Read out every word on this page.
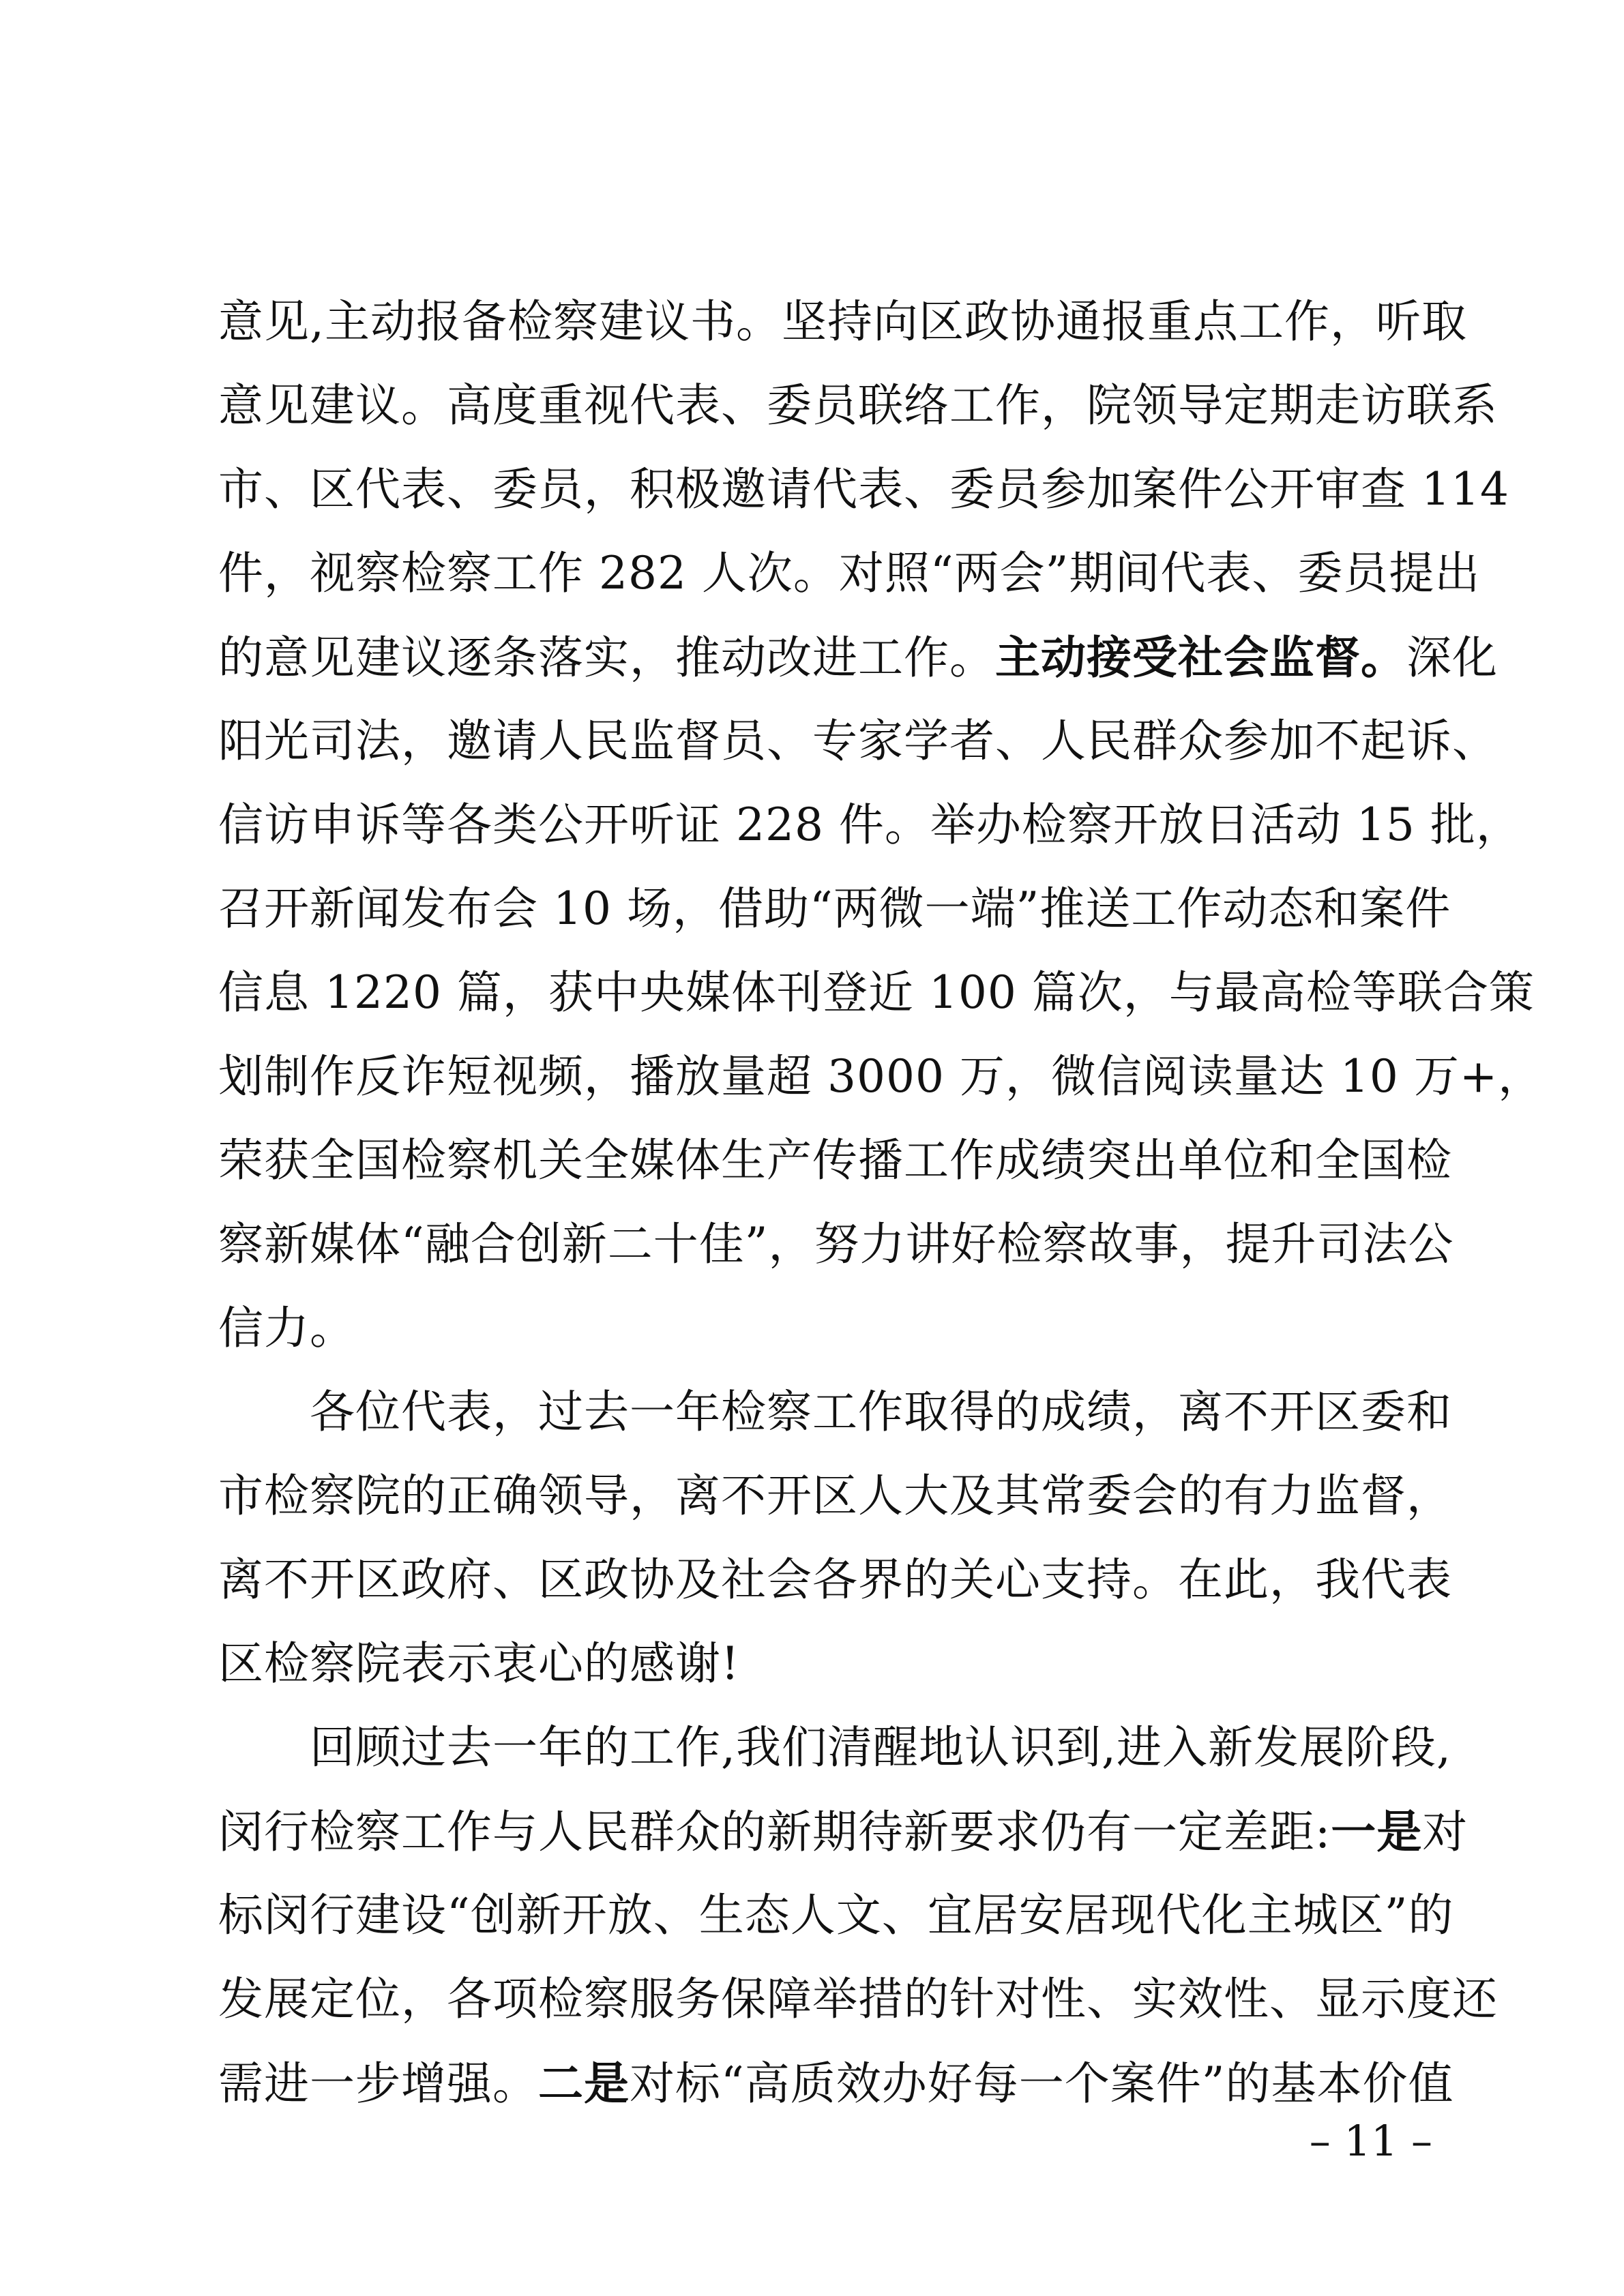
意见,主动报备检察建议书。坚持向区政协通报重点工作，听取
意见建议。高度重视代表、委员联络工作，院领导定期走访联系
市、区代表、委员，积极邀请代表、委员参加案件公开审查 114
件，视察检察工作 282 人次。对照“两会”期间代表、委员提出
的意见建议逐条落实，推动改进工作。主动接受社会监督。深化
阳光司法，邀请人民监督员、专家学者、人民群众参加不起诉、
信访申诉等各类公开听证 228 件。举办检察开放日活动 15 批，
召开新闻发布会 10 场，借助“两微一端”推送工作动态和案件
信息 1220 篇，获中央媒体刊登近 100 篇次，与最高检等联合策
划制作反诈短视频，播放量超 3000 万，微信阅读量达 10 万+，
荣获全国检察机关全媒体生产传播工作成绩突出单位和全国检
察新媒体“融合创新二十佳”，努力讲好检察故事，提升司法公
信力。
　　各位代表，过去一年检察工作取得的成绩，离不开区委和
市检察院的正确领导，离不开区人大及其常委会的有力监督，
离不开区政府、区政协及社会各界的关心支持。在此，我代表
区检察院表示衷心的感谢!
　　回顾过去一年的工作,我们清醒地认识到,进入新发展阶段,
闵行检察工作与人民群众的新期待新要求仍有一定差距:一是对
标闵行建设“创新开放、生态人文、宜居安居现代化主城区”的
发展定位，各项检察服务保障举措的针对性、实效性、显示度还
需进一步增强。二是对标“高质效办好每一个案件”的基本价值
– 11 –
